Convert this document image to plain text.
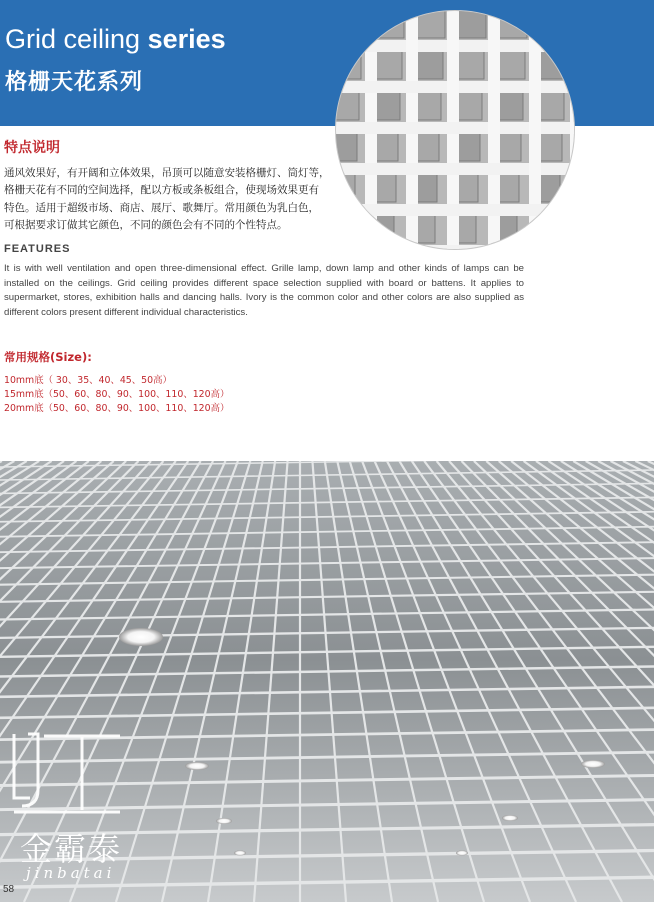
Grid ceiling series
格栅天花系列
特点说明
通风效果好，有开阔和立体效果，吊顶可以随意安装格栅灯、筒灯等，
格栅天花有不同的空间选择，配以方板或条板组合，使现场效果更有
特色。适用于超级市场、商店、展厅、歌舞厅。常用颜色为乳白色，
可根据要求订做其它颜色，不同的颜色会有不同的个性特点。
FEATURES
It is with well ventilation and open three-dimensional effect. Grille lamp, down lamp and other kinds of lamps can be installed on the ceilings. Grid ceiling provides different space selection supplied with board or battens. It applies to supermarket, stores, exhibition halls and dancing halls. Ivory is the common color and other colors are also supplied as different colors present different individual characteristics.
常用规格(Size):
10mm底（ 30、35、40、45、50高）
15mm底（50、60、80、90、100、110、120高）
20mm底（50、60、80、90、100、110、120高）
金霸泰
jinbatai
58
